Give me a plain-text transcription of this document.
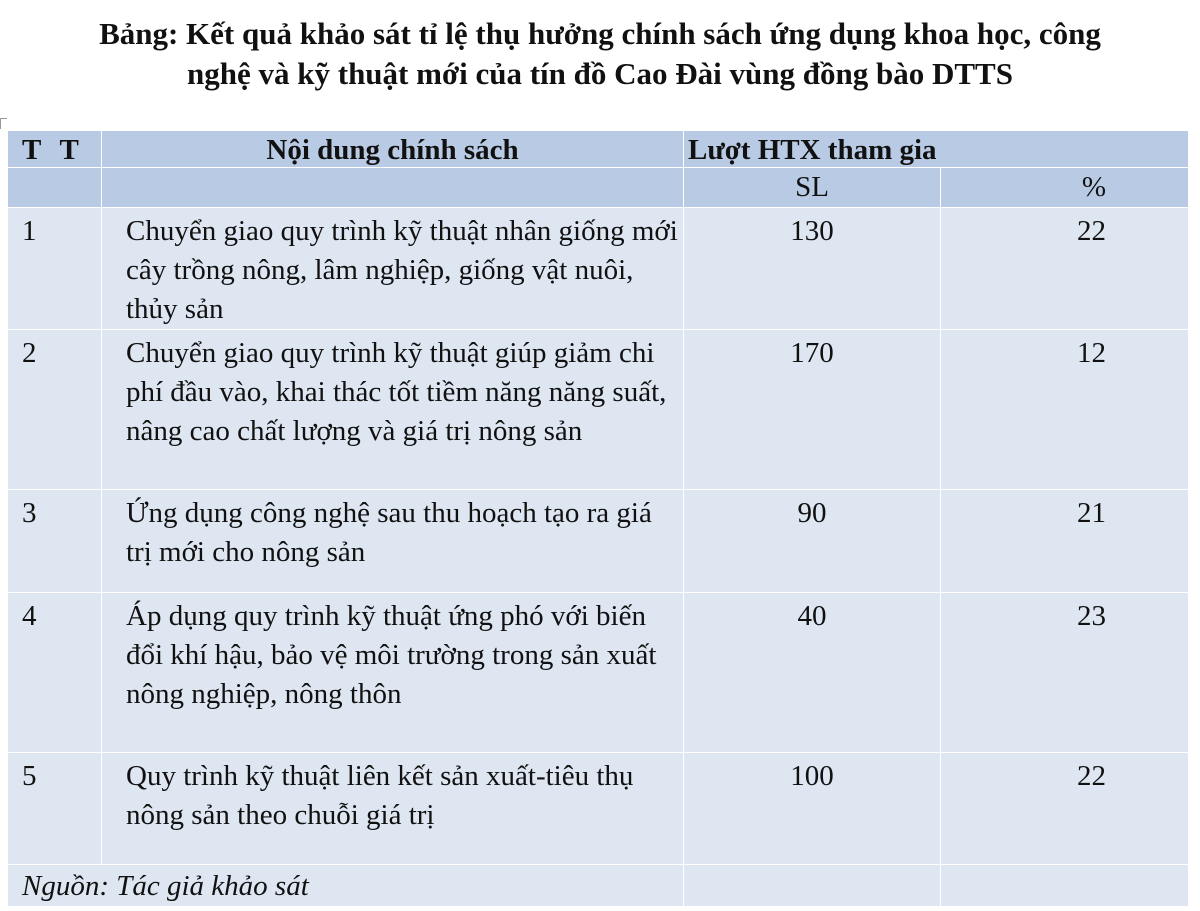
Bảng: Kết quả khảo sát tỉ lệ thụ hưởng chính sách ứng dụng khoa học, công
nghệ và kỹ thuật mới của tín đồ Cao Đài vùng đồng bào DTTS
T T	Nội dung chính sách	Lượt HTX tham gia	
		SL	%
1	Chuyển giao quy trình kỹ thuật nhân giống mới cây trồng nông, lâm nghiệp, giống vật nuôi, thủy sản	130	22
2	Chuyển giao quy trình kỹ thuật giúp giảm chi phí đầu vào, khai thác tốt tiềm năng năng suất, nâng cao chất lượng và giá trị nông sản	170	12
3	Ứng dụng công nghệ sau thu hoạch tạo ra giá trị mới cho nông sản	90	21
4	Áp dụng quy trình kỹ thuật ứng phó với biến đổi khí hậu, bảo vệ môi trường trong sản xuất nông nghiệp, nông thôn	40	23
5	Quy trình kỹ thuật liên kết sản xuất-tiêu thụ nông sản theo chuỗi giá trị	100	22
Nguồn: Tác giả khảo sát			
